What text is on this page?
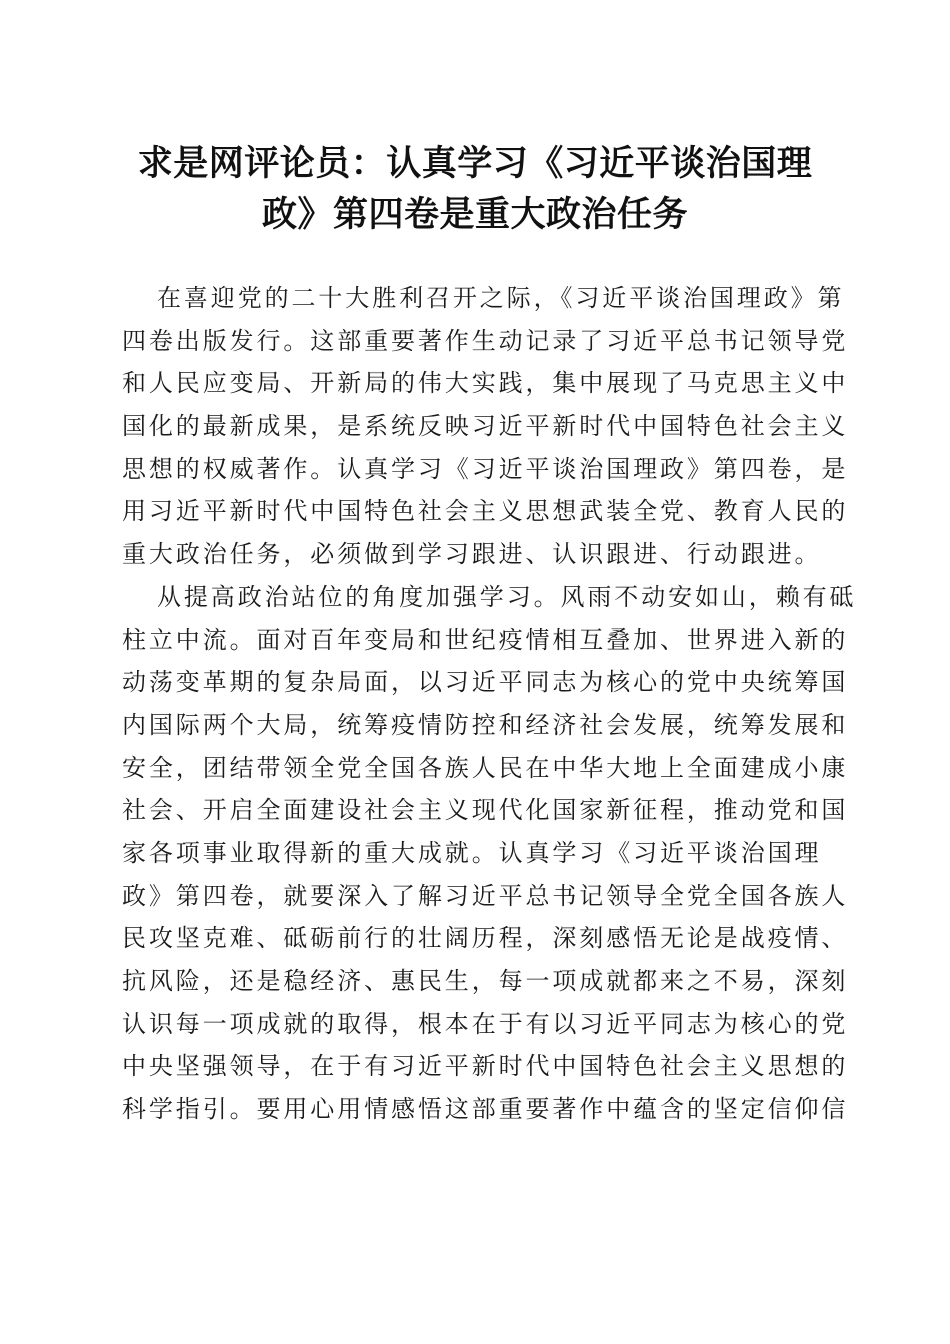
求是网评论员：认真学习《习近平谈治国理
政》第四卷是重大政治任务
在喜迎党的二十大胜利召开之际，《习近平谈治国理政》第
四卷出版发行。这部重要著作生动记录了习近平总书记领导党
和人民应变局、开新局的伟大实践，集中展现了马克思主义中
国化的最新成果，是系统反映习近平新时代中国特色社会主义
思想的权威著作。认真学习《习近平谈治国理政》第四卷，是
用习近平新时代中国特色社会主义思想武装全党、教育人民的
重大政治任务，必须做到学习跟进、认识跟进、行动跟进。
从提高政治站位的角度加强学习。风雨不动安如山，赖有砥
柱立中流。面对百年变局和世纪疫情相互叠加、世界进入新的
动荡变革期的复杂局面，以习近平同志为核心的党中央统筹国
内国际两个大局，统筹疫情防控和经济社会发展，统筹发展和
安全，团结带领全党全国各族人民在中华大地上全面建成小康
社会、开启全面建设社会主义现代化国家新征程，推动党和国
家各项事业取得新的重大成就。认真学习《习近平谈治国理
政》第四卷，就要深入了解习近平总书记领导全党全国各族人
民攻坚克难、砥砺前行的壮阔历程，深刻感悟无论是战疫情、
抗风险，还是稳经济、惠民生，每一项成就都来之不易，深刻
认识每一项成就的取得，根本在于有以习近平同志为核心的党
中央坚强领导，在于有习近平新时代中国特色社会主义思想的
科学指引。要用心用情感悟这部重要著作中蕴含的坚定信仰信
